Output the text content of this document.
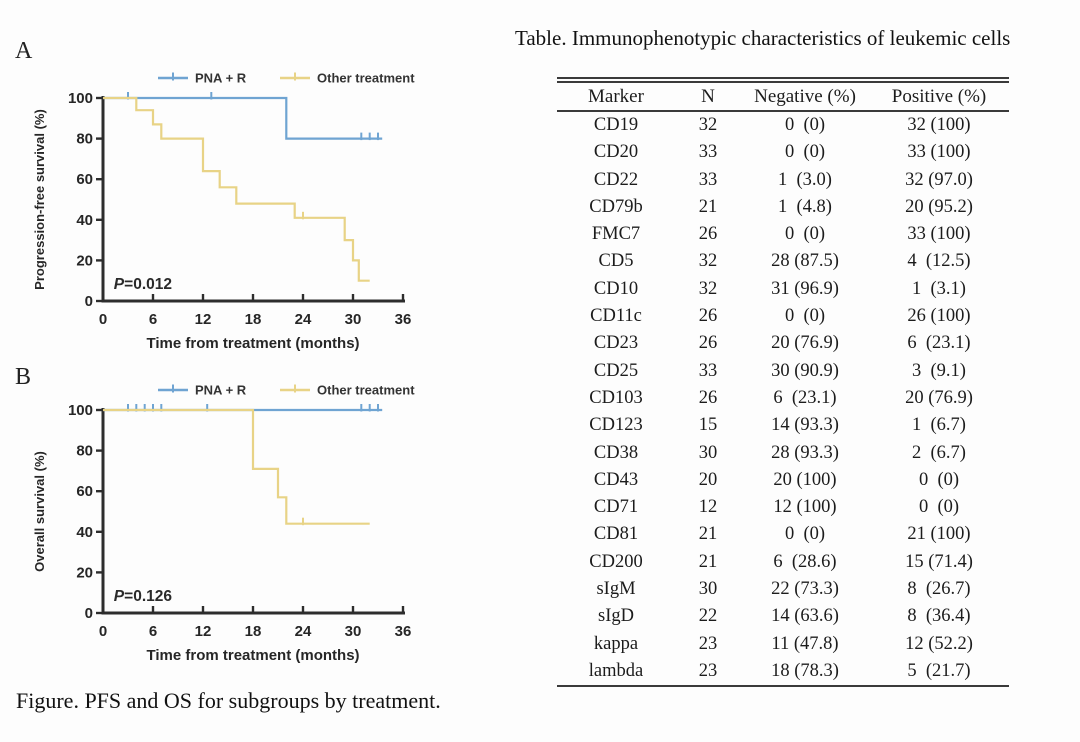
A
PNA + R	Other treatment
0
20
40
60
80
100
0	6 12 18 24 30 36
P=0.012
Time from treatment (months)
Progression-free survival (%)
B	PNA + R	Other treatment
0
20
40
60
80
100
0	6 12 18 24 30 36
P=0.126
Time from treatment (months)
Overall survival (%)
Figure. PFS and OS for subgroups by treatment.
Table. Immunophenotypic characteristics of leukemic cells
Marker	N	Negative (%)	Positive (%)
CD19	32	0  (0)	32 (100)
CD20	33	0  (0)	33 (100)
CD22	33	1  (3.0)	32 (97.0)
CD79b	21	1  (4.8)	20 (95.2)
FMC7	26	0  (0)	33 (100)
CD5	32	28 (87.5)	4  (12.5)
CD10	32	31 (96.9)	1  (3.1)
CD11c	26	0  (0)	26 (100)
CD23	26	20 (76.9)	6  (23.1)
CD25	33	30 (90.9)	3  (9.1)
CD103	26	6  (23.1)	20 (76.9)
CD123	15	14 (93.3)	1  (6.7)
CD38	30	28 (93.3)	2  (6.7)
CD43	20	20 (100)	0  (0)
CD71	12	12 (100)	0  (0)
CD81	21	0  (0)	21 (100)
CD200	21	6  (28.6)	15 (71.4)
sIgM	30	22 (73.3)	8  (26.7)
sIgD	22	14 (63.6)	8  (36.4)
kappa	23	11 (47.8)	12 (52.2)
lambda	23	18 (78.3)	5  (21.7)
